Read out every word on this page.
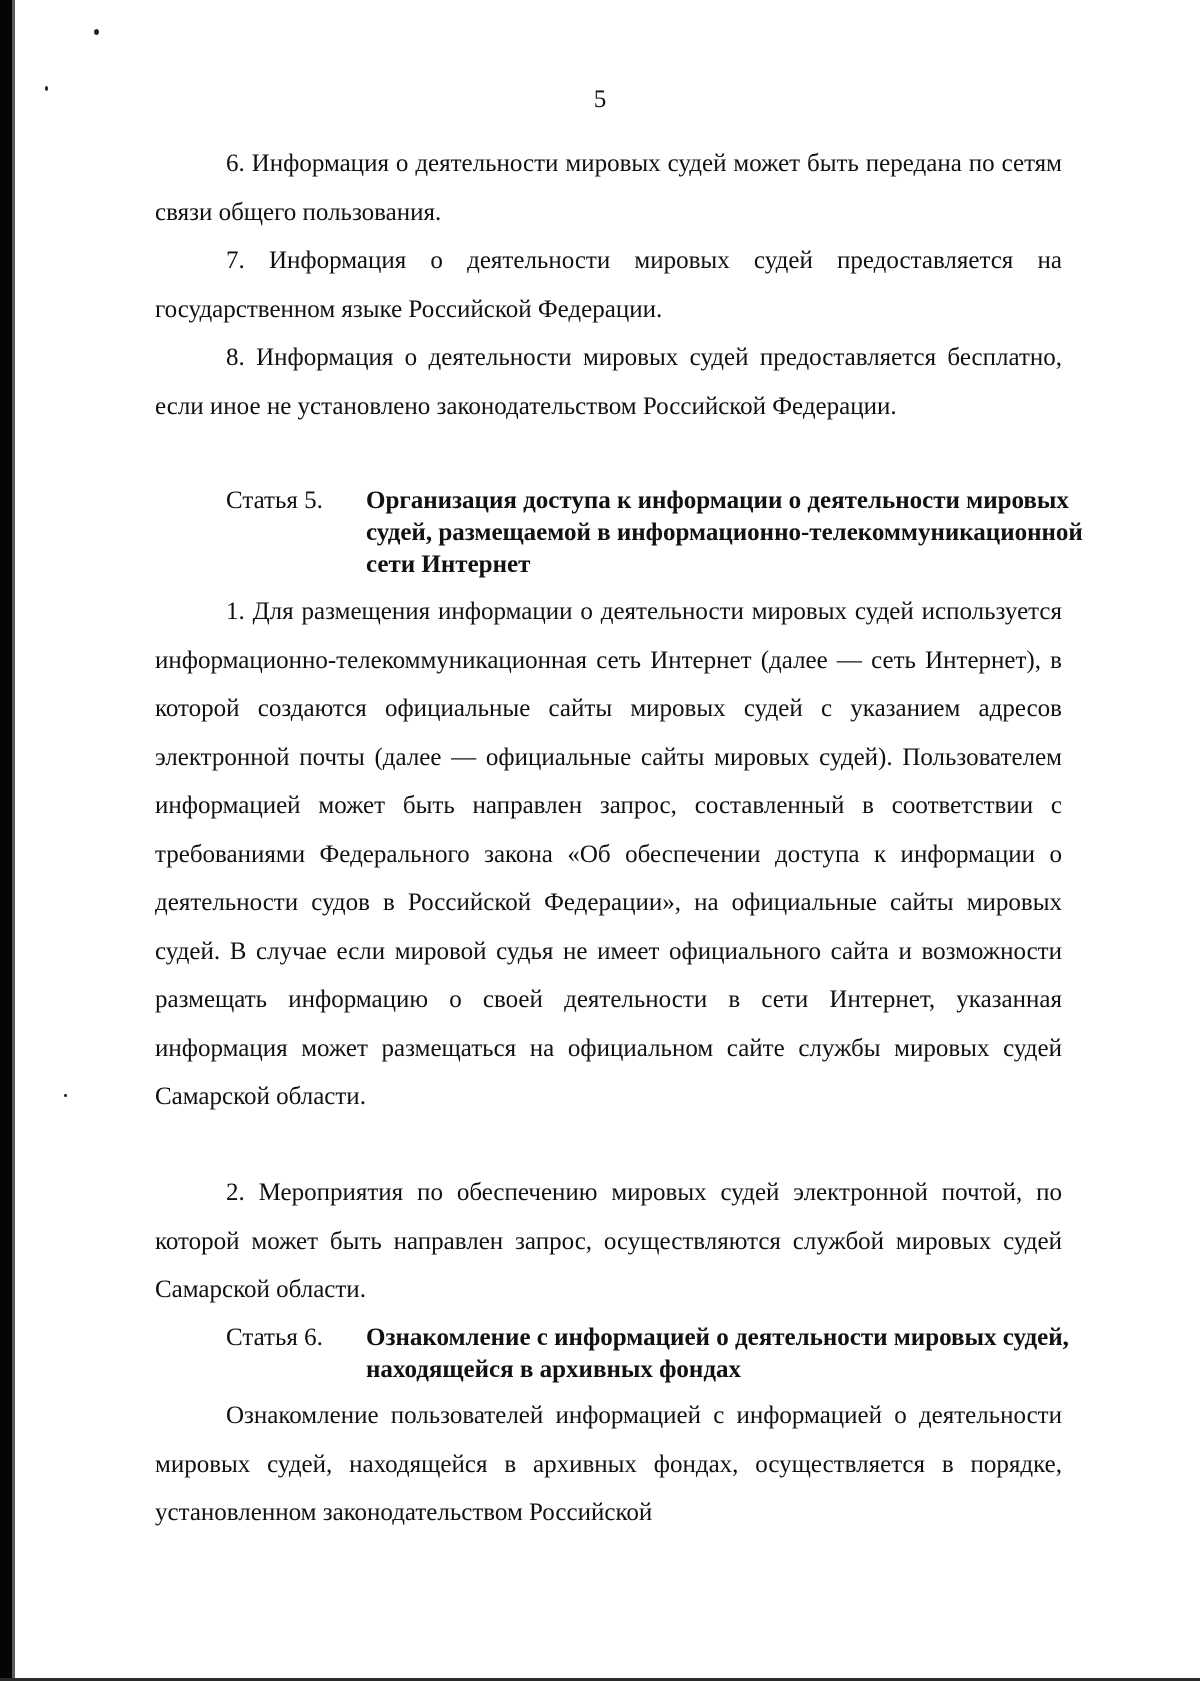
5

6. Информация о деятельности мировых судей может быть передана по сетям связи общего пользования.

7. Информация о деятельности мировых судей предоставляется на государственном языке Российской Федерации.

8. Информация о деятельности мировых судей предоставляется бесплатно, если иное не установлено законодательством Российской Федерации.

Статья 5.	Организация доступа к информации о деятельности мировых судей, размещаемой в информационно-телекоммуникационной сети Интернет

1. Для размещения информации о деятельности мировых судей используется информационно-телекоммуникационная сеть Интернет (далее — сеть Интернет), в которой создаются официальные сайты мировых судей с указанием адресов электронной почты (далее — официальные сайты мировых судей). Пользователем информацией может быть направлен запрос, составленный в соответствии с требованиями Федерального закона «Об обеспечении доступа к информации о деятельности судов в Российской Федерации», на официальные сайты мировых судей. В случае если мировой судья не имеет официального сайта и возможности размещать информацию о своей деятельности в сети Интернет, указанная информация может размещаться на официальном сайте службы мировых судей Самарской области.

2. Мероприятия по обеспечению мировых судей электронной почтой, по которой может быть направлен запрос, осуществляются службой мировых судей Самарской области.

Статья 6.	Ознакомление с информацией о деятельности мировых судей, находящейся в архивных фондах

Ознакомление пользователей информацией с информацией о деятельности мировых судей, находящейся в архивных фондах, осуществляется в порядке, установленном законодательством Российской
